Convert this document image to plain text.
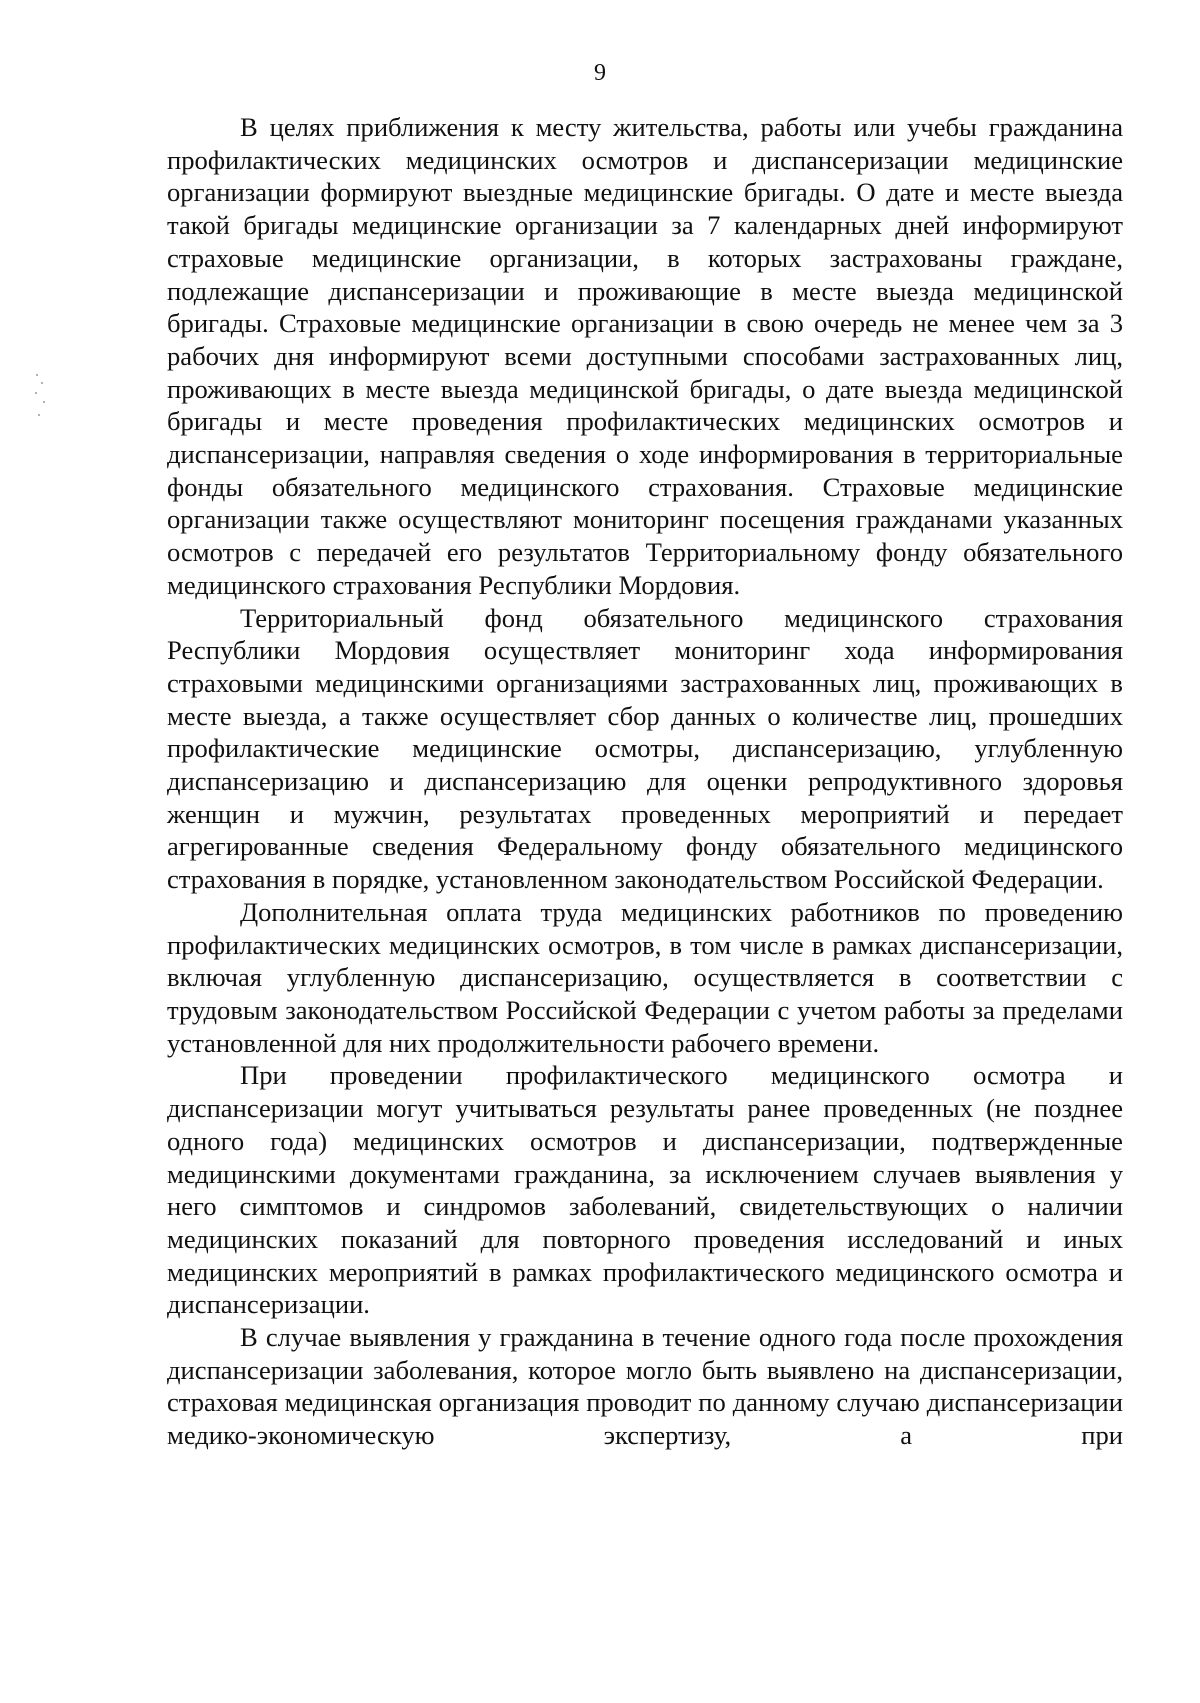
9

В целях приближения к месту жительства, работы или учебы гражданина профилактических медицинских осмотров и диспансеризации медицинские организации формируют выездные медицинские бригады. О дате и месте выезда такой бригады медицинские организации за 7 календарных дней информируют страховые медицинские организации, в которых застрахованы граждане, подлежащие диспансеризации и проживающие в месте выезда медицинской бригады. Страховые медицинские организации в свою очередь не менее чем за 3 рабочих дня информируют всеми доступными способами застрахованных лиц, проживающих в месте выезда медицинской бригады, о дате выезда медицинской бригады и месте проведения профилактических медицинских осмотров и диспансеризации, направляя сведения о ходе информирования в территориальные фонды обязательного медицинского страхования. Страховые медицинские организации также осуществляют мониторинг посещения гражданами указанных осмотров с передачей его результатов Территориальному фонду обязательного медицинского страхования Республики Мордовия.

Территориальный фонд обязательного медицинского страхования Республики Мордовия осуществляет мониторинг хода информирования страховыми медицинскими организациями застрахованных лиц, проживающих в месте выезда, а также осуществляет сбор данных о количестве лиц, прошедших профилактические медицинские осмотры, диспансеризацию, углубленную диспансеризацию и диспансеризацию для оценки репродуктивного здоровья женщин и мужчин, результатах проведенных мероприятий и передает агрегированные сведения Федеральному фонду обязательного медицинского страхования в порядке, установленном законодательством Российской Федерации.

Дополнительная оплата труда медицинских работников по проведению профилактических медицинских осмотров, в том числе в рамках диспансеризации, включая углубленную диспансеризацию, осуществляется в соответствии с трудовым законодательством Российской Федерации с учетом работы за пределами установленной для них продолжительности рабочего времени.

При проведении профилактического медицинского осмотра и диспансеризации могут учитываться результаты ранее проведенных (не позднее одного года) медицинских осмотров и диспансеризации, подтвержденные медицинскими документами гражданина, за исключением случаев выявления у него симптомов и синдромов заболеваний, свидетельствующих о наличии медицинских показаний для повторного проведения исследований и иных медицинских мероприятий в рамках профилактического медицинского осмотра и диспансеризации.

В случае выявления у гражданина в течение одного года после прохождения диспансеризации заболевания, которое могло быть выявлено на диспансеризации, страховая медицинская организация проводит по данному случаю диспансеризации медико-экономическую экспертизу, а при
